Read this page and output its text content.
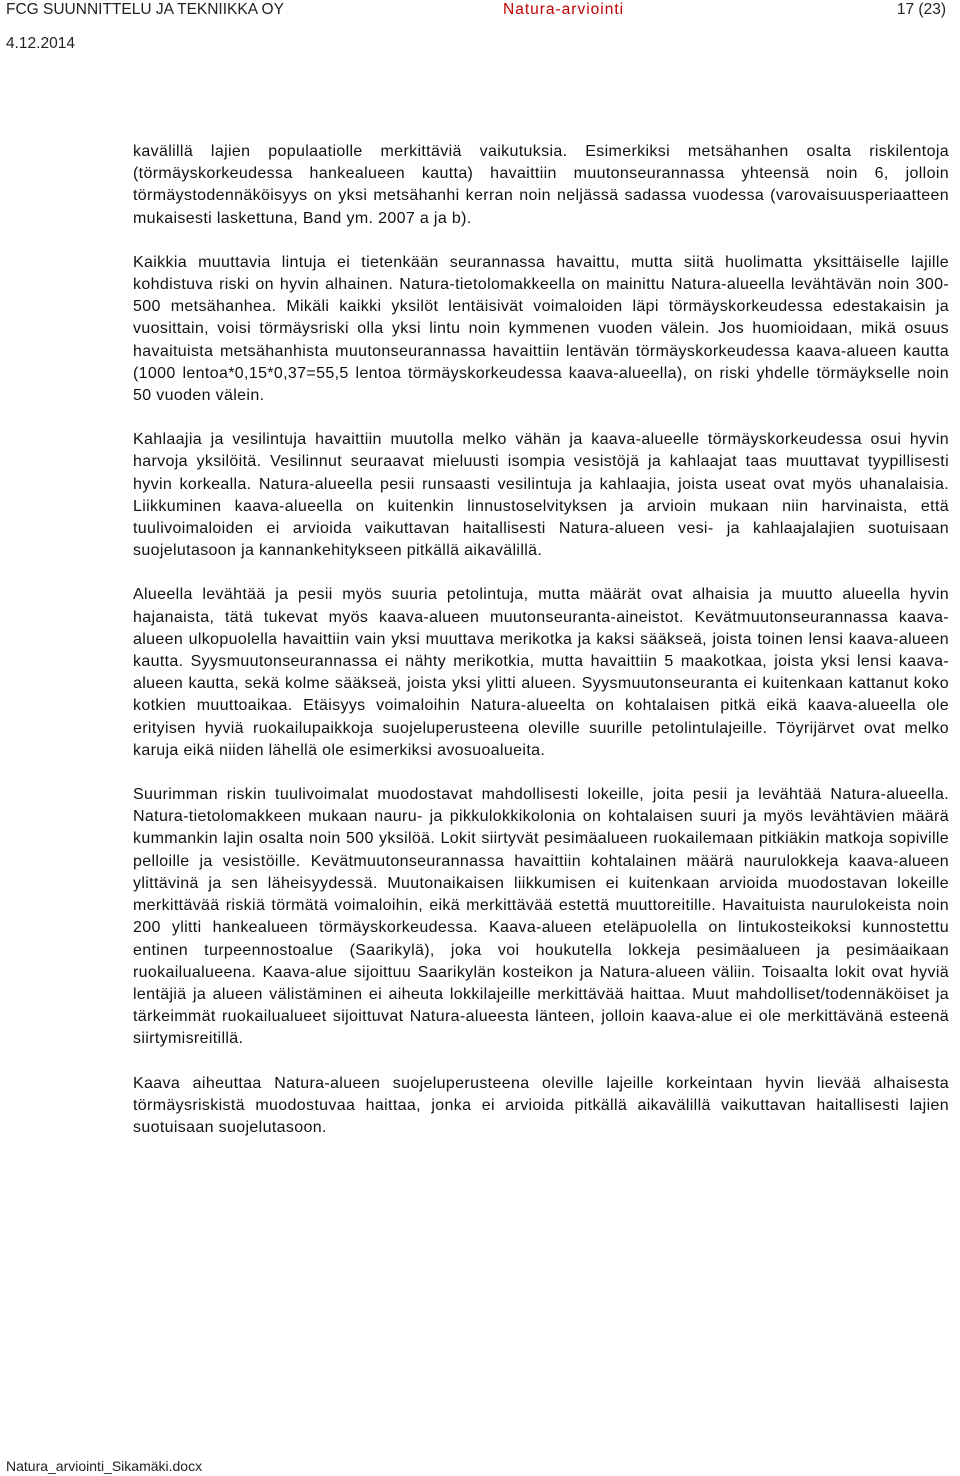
FCG SUUNNITTELU JA TEKNIIKKA OY	Natura-arviointi	17 (23)
4.12.2014

kavälillä lajien populaatiolle merkittäviä vaikutuksia. Esimerkiksi metsähanhen osalta riskilentoja (törmäyskorkeudessa hankealueen kautta) havaittiin muutonseurannassa yhteensä noin 6, jolloin törmäystodennäköisyys on yksi metsähanhi kerran noin neljässä sadassa vuodessa (varovaisuusperiaatteen mukaisesti laskettuna, Band ym. 2007 a ja b).

Kaikkia muuttavia lintuja ei tietenkään seurannassa havaittu, mutta siitä huolimatta yksittäiselle lajille kohdistuva riski on hyvin alhainen. Natura-tietolomakkeella on mainittu Natura-alueella levähtävän noin 300-500 metsähanhea. Mikäli kaikki yksilöt lentäisivät voimaloiden läpi törmäyskorkeudessa edestakaisin ja vuosittain, voisi törmäysriski olla yksi lintu noin kymmenen vuoden välein. Jos huomioidaan, mikä osuus havaituista metsähanhista muutonseurannassa havaittiin lentävän törmäyskorkeudessa kaava-alueen kautta (1000 lentoa*0,15*0,37=55,5 lentoa törmäyskorkeudessa kaava-alueella), on riski yhdelle törmäykselle noin 50 vuoden välein.

Kahlaajia ja vesilintuja havaittiin muutolla melko vähän ja kaava-alueelle törmäyskorkeudessa osui hyvin harvoja yksilöitä. Vesilinnut seuraavat mieluusti isompia vesistöjä ja kahlaajat taas muuttavat tyypillisesti hyvin korkealla. Natura-alueella pesii runsaasti vesilintuja ja kahlaajia, joista useat ovat myös uhanalaisia. Liikkuminen kaava-alueella on kuitenkin linnustoselvityksen ja arvioin mukaan niin harvinaista, että tuulivoimaloiden ei arvioida vaikuttavan haitallisesti Natura-alueen vesi- ja kahlaajalajien suotuisaan suojelutasoon ja kannankehitykseen pitkällä aikavälillä.

Alueella levähtää ja pesii myös suuria petolintuja, mutta määrät ovat alhaisia ja muutto alueella hyvin hajanaista, tätä tukevat myös kaava-alueen muutonseuranta-aineistot. Kevätmuutonseurannassa kaava-alueen ulkopuolella havaittiin vain yksi muuttava merikotka ja kaksi sääkseä, joista toinen lensi kaava-alueen kautta. Syysmuutonseurannassa ei nähty merikotkia, mutta havaittiin 5 maakotkaa, joista yksi lensi kaava-alueen kautta, sekä kolme sääkseä, joista yksi ylitti alueen. Syysmuutonseuranta ei kuitenkaan kattanut koko kotkien muuttoaikaa. Etäisyys voimaloihin Natura-alueelta on kohtalaisen pitkä eikä kaava-alueella ole erityisen hyviä ruokailupaikkoja suojeluperusteena oleville suurille petolintulajeille. Töyrijärvet ovat melko karuja eikä niiden lähellä ole esimerkiksi avosuoalueita.

Suurimman riskin tuulivoimalat muodostavat mahdollisesti lokeille, joita pesii ja levähtää Natura-alueella. Natura-tietolomakkeen mukaan nauru- ja pikkulokkikolonia on kohtalaisen suuri ja myös levähtävien määrä kummankin lajin osalta noin 500 yksilöä. Lokit siirtyvät pesimäalueen ruokailemaan pitkiäkin matkoja sopiville pelloille ja vesistöille. Kevätmuutonseurannassa havaittiin kohtalainen määrä naurulokkeja kaava-alueen ylittävinä ja sen läheisyydessä. Muutonaikaisen liikkumisen ei kuitenkaan arvioida muodostavan lokeille merkittävää riskiä törmätä voimaloihin, eikä merkittävää estettä muuttoreitille. Havaituista naurulokeista noin 200 ylitti hankealueen törmäyskorkeudessa. Kaava-alueen eteläpuolella on lintukosteikoksi kunnostettu entinen turpeennostoalue (Saarikylä), joka voi houkutella lokkeja pesimäalueen ja pesimäaikaan ruokailualueena. Kaava-alue sijoittuu Saarikylän kosteikon ja Natura-alueen väliin. Toisaalta lokit ovat hyviä lentäjiä ja alueen välistäminen ei aiheuta lokkilajeille merkittävää haittaa. Muut mahdolliset/todennäköiset ja tärkeimmät ruokailualueet sijoittuvat Natura-alueesta länteen, jolloin kaava-alue ei ole merkittävänä esteenä siirtymisreitillä.

Kaava aiheuttaa Natura-alueen suojeluperusteena oleville lajeille korkeintaan hyvin lievää alhaisesta törmäysriskistä muodostuvaa haittaa, jonka ei arvioida pitkällä aikavälillä vaikuttavan haitallisesti lajien suotuisaan suojelutasoon.

Natura_arviointi_Sikamäki.docx
